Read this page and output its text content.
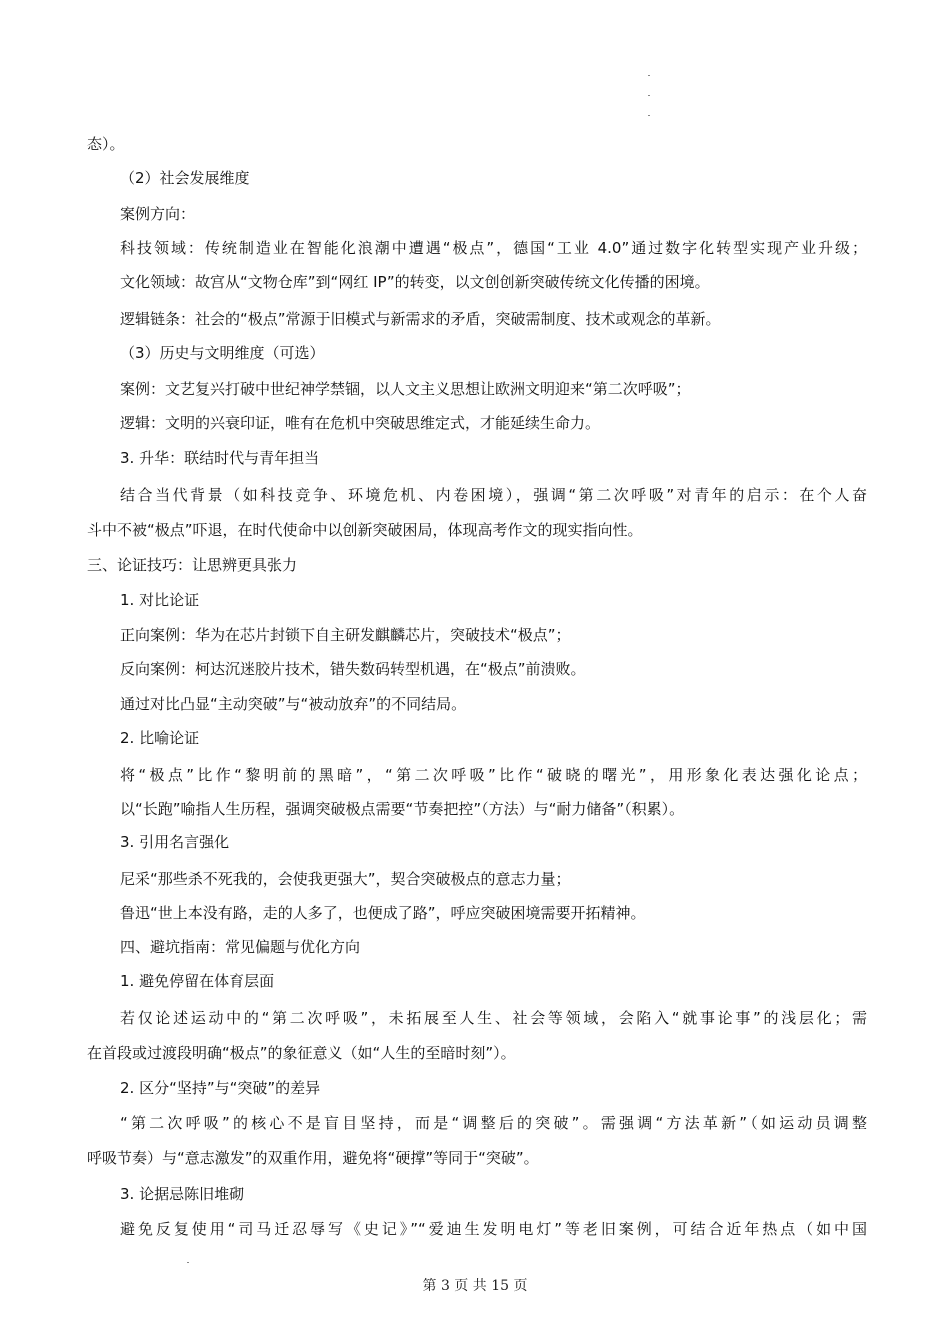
态）。
（2）社会发展维度
案例方向：
科技领域：传统制造业在智能化浪潮中遭遇“极点”，德国“工业 4.0”通过数字化转型实现产业升级；
文化领域：故宫从“文物仓库”到“网红 IP”的转变，以文创创新突破传统文化传播的困境。
逻辑链条：社会的“极点”常源于旧模式与新需求的矛盾，突破需制度、技术或观念的革新。
（3）历史与文明维度（可选）
案例：文艺复兴打破中世纪神学禁锢，以人文主义思想让欧洲文明迎来“第二次呼吸”；
逻辑：文明的兴衰印证，唯有在危机中突破思维定式，才能延续生命力。
3. 升华：联结时代与青年担当
结合当代背景（如科技竞争、环境危机、内卷困境），强调“第二次呼吸”对青年的启示：在个人奋
斗中不被“极点”吓退，在时代使命中以创新突破困局，体现高考作文的现实指向性。
三、论证技巧：让思辨更具张力
1. 对比论证
正向案例：华为在芯片封锁下自主研发麒麟芯片，突破技术“极点”；
反向案例：柯达沉迷胶片技术，错失数码转型机遇，在“极点”前溃败。
通过对比凸显“主动突破”与“被动放弃”的不同结局。
2. 比喻论证
将“极点”比作“黎明前的黑暗”，“第二次呼吸”比作“破晓的曙光”，用形象化表达强化论点；
以“长跑”喻指人生历程，强调突破极点需要“节奏把控”（方法）与“耐力储备”（积累）。
3. 引用名言强化
尼采“那些杀不死我的，会使我更强大”，契合突破极点的意志力量；
鲁迅“世上本没有路，走的人多了，也便成了路”，呼应突破困境需要开拓精神。
四、避坑指南：常见偏题与优化方向
1. 避免停留在体育层面
若仅论述运动中的“第二次呼吸”，未拓展至人生、社会等领域，会陷入“就事论事”的浅层化；需
在首段或过渡段明确“极点”的象征意义（如“人生的至暗时刻”）。
2. 区分“坚持”与“突破”的差异
“第二次呼吸”的核心不是盲目坚持，而是“调整后的突破”。需强调“方法革新”（如运动员调整
呼吸节奏）与“意志激发”的双重作用，避免将“硬撑”等同于“突破”。
3. 论据忌陈旧堆砌
避免反复使用“司马迁忍辱写《史记》”“爱迪生发明电灯”等老旧案例，可结合近年热点（如中国
第 3 页 共 15 页
